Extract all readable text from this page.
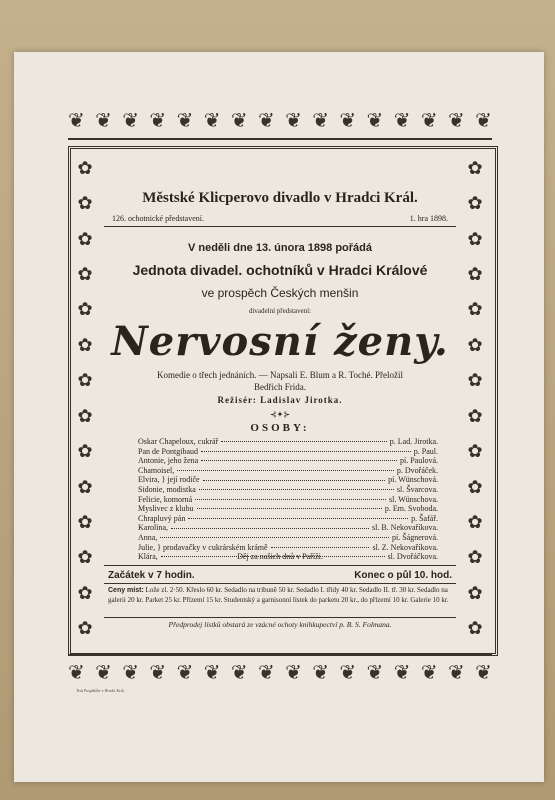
❦ ❦ ❦ ❦ ❦ ❦ ❦ ❦ ❦ ❦ ❦ ❦ ❦ ❦ ❦ ❦
❦ ❦ ❦ ❦ ❦ ❦ ❦ ❦ ❦ ❦ ❦ ❦ ❦ ❦ ❦ ❦
✿
✿
✿
✿
✿
✿
✿
✿
✿
✿
✿
✿
✿
✿
✿
✿
✿
✿
✿
✿
✿
✿
✿
✿
✿
✿
✿
✿
Městské Klicperovo divadlo v Hradci Král.
126. ochotnické představení.	1. hra 1898.
V neděli dne 13. února 1898 pořádá
Jednota divadel. ochotníků v Hradci Králové
ve prospěch Českých menšin
divadelní představení:
Nervosní ženy.
Komedie o třech jednáních. — Napsali E. Blum a R. Toché. Přeložil
Bedřich Frida.
Režisér: Ladislav Jirotka.
⊰✦⊱
OSOBY:
Oskar Chapeloux, cukrář	p. Lad. Jirotka.
Pan de Pontgibaud	p. Paul.
Antonie, jeho žena	pí. Paulová.
Chamoisel,	p. Dvořáček.
Elvira, } její rodiče	pí. Wünschová.
Sidonie, modistka	sl. Švarcova.
Felicie, komorná	sl. Wünschova.
Myslivec z klubu	p. Em. Svoboda.
Chrapluvý pán	p. Šafář.
Karolina,	sl. B. Nekovaříkova.
Anna,	pí. Šágnerová.
Julie, } prodavačky v cukrárském krámě	sl. Z. Nekovaříkova.
Klára,	sl. Dvořáčkova.
Děj za našich dnů v Paříži.
Začátek v 7 hodin.	Konec o půl 10. hod.
Ceny míst: Lože zl. 2·50. Křeslo 60 kr. Sedadlo na tribuně 50 kr. Sedadlo I. třídy 40 kr. Sedadlo II. tř. 30 kr. Sedadlo na galerii 20 kr. Parket 25 kr. Přízemí 15 kr. Studentský a garnisonní lístek do parketu 20 kr., do přízemí 10 kr. Galerie 10 kr.
Předprodej lístků obstará ze vzácné ochoty knihkupectví p. B. S. Folmana.
Tisk Pospíšilův v Hradci Král.
